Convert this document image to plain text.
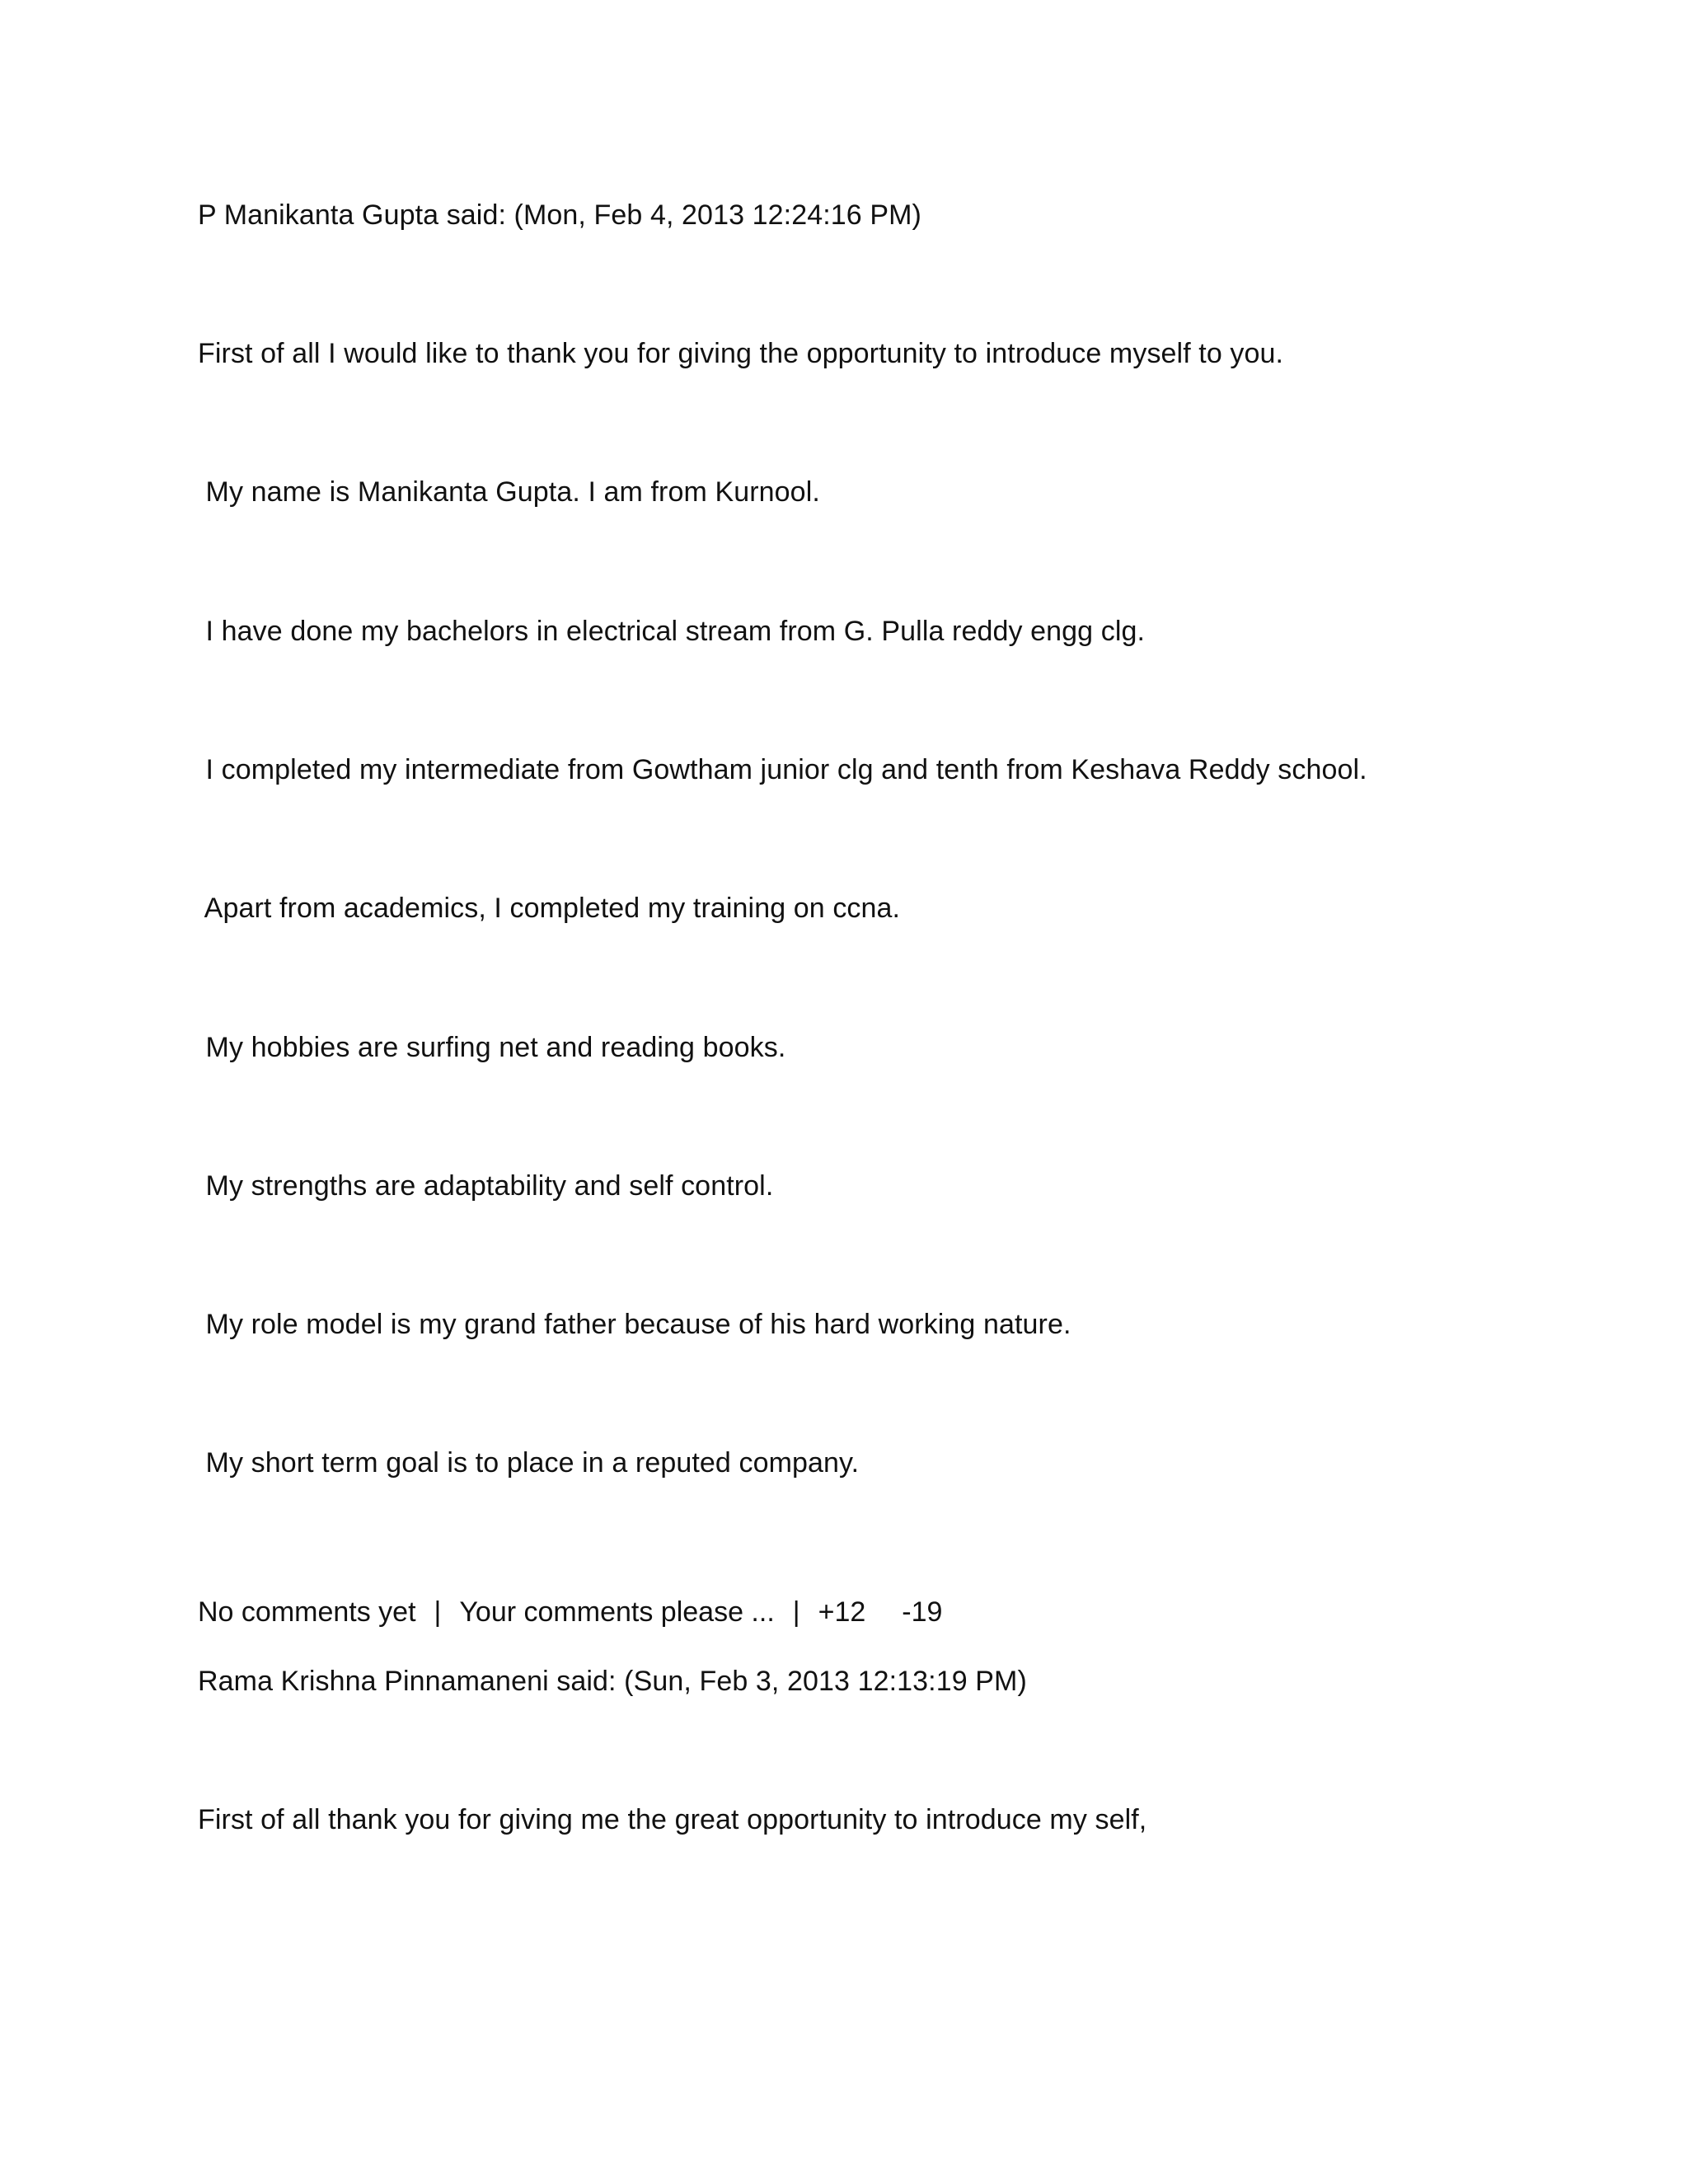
P Manikanta Gupta said: (Mon, Feb 4, 2013 12:24:16 PM)
First of all I would like to thank you for giving the opportunity to introduce myself to you.
My name is Manikanta Gupta. I am from Kurnool.
I have done my bachelors in electrical stream from G. Pulla reddy engg clg.
I completed my intermediate from Gowtham junior clg and tenth from Keshava Reddy school.
Apart from academics, I completed my training on ccna.
My hobbies are surfing net and reading books.
My strengths are adaptability and self control.
My role model is my grand father because of his hard working nature.
My short term goal is to place in a reputed company.
No comments yet | Your comments please ... | +12 -19
Rama Krishna Pinnamaneni said: (Sun, Feb 3, 2013 12:13:19 PM)
First of all thank you for giving me the great opportunity to introduce my self,
